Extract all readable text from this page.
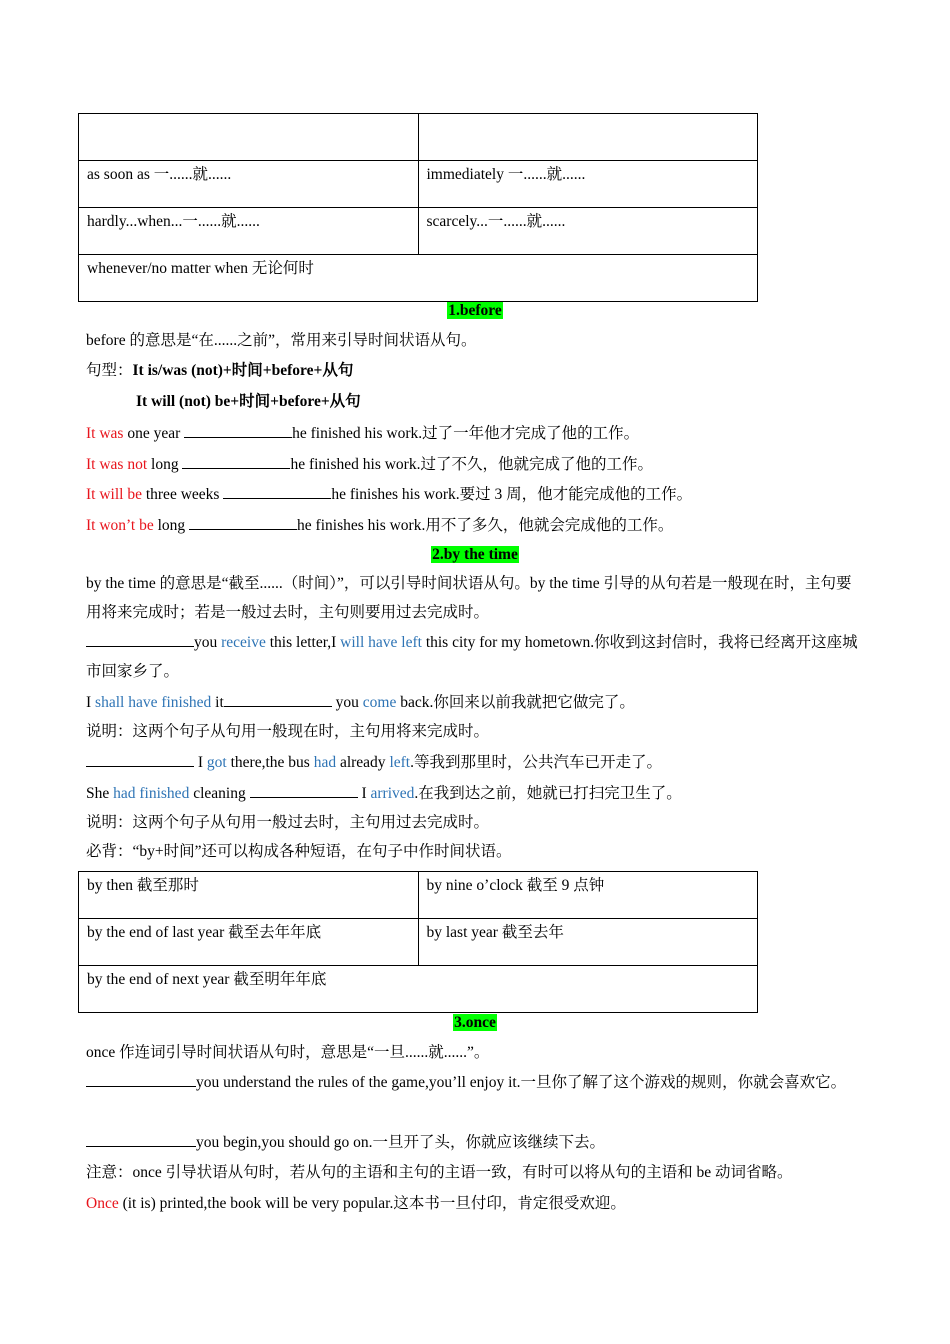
as soon as 一......就......	immediately 一......就......
hardly...when...一......就......	scarcely...一......就......
whenever/no matter when 无论何时	
1.before
before 的意思是“在......之前”，常用来引导时间状语从句。
句型：It is/was (not)+时间+before+从句
It will (not) be+时间+before+从句
It was one year	he finished his work.过了一年他才完成了他的工作。
It was not long	he finished his work.过了不久，他就完成了他的工作。
It will be three weeks	he finishes his work.要过 3 周，他才能完成他的工作。
It won’t be long	he finishes his work.用不了多久，他就会完成他的工作。
2.by the time
by the time 的意思是“截至......（时间）”，可以引导时间状语从句。by the time 引导的从句若是一般现在时，主句要用将来完成时；若是一般过去时，主句则要用过去完成时。
you receive this letter,I will have left this city for my hometown.你收到这封信时，我将已经离开这座城市回家乡了。
I shall have finished it	you come back.你回来以前我就把它做完了。
说明：这两个句子从句用一般现在时，主句用将来完成时。
I got there,the bus had already left.等我到那里时，公共汽车已开走了。
She had finished cleaning	I arrived.在我到达之前，她就已打扫完卫生了。
说明：这两个句子从句用一般过去时，主句用过去完成时。
必背：“by+时间”还可以构成各种短语，在句子中作时间状语。
by then 截至那时	by nine o’clock 截至 9 点钟
by the end of last year 截至去年年底	by last year 截至去年
by the end of next year 截至明年年底	
3.once
once 作连词引导时间状语从句时，意思是“一旦......就......”。
you understand the rules of the game,you’ll enjoy it.一旦你了解了这个游戏的规则，你就会喜欢它。
you begin,you should go on.一旦开了头，你就应该继续下去。
注意：once 引导状语从句时，若从句的主语和主句的主语一致，有时可以将从句的主语和 be 动词省略。
Once (it is) printed,the book will be very popular.这本书一旦付印，肯定很受欢迎。
